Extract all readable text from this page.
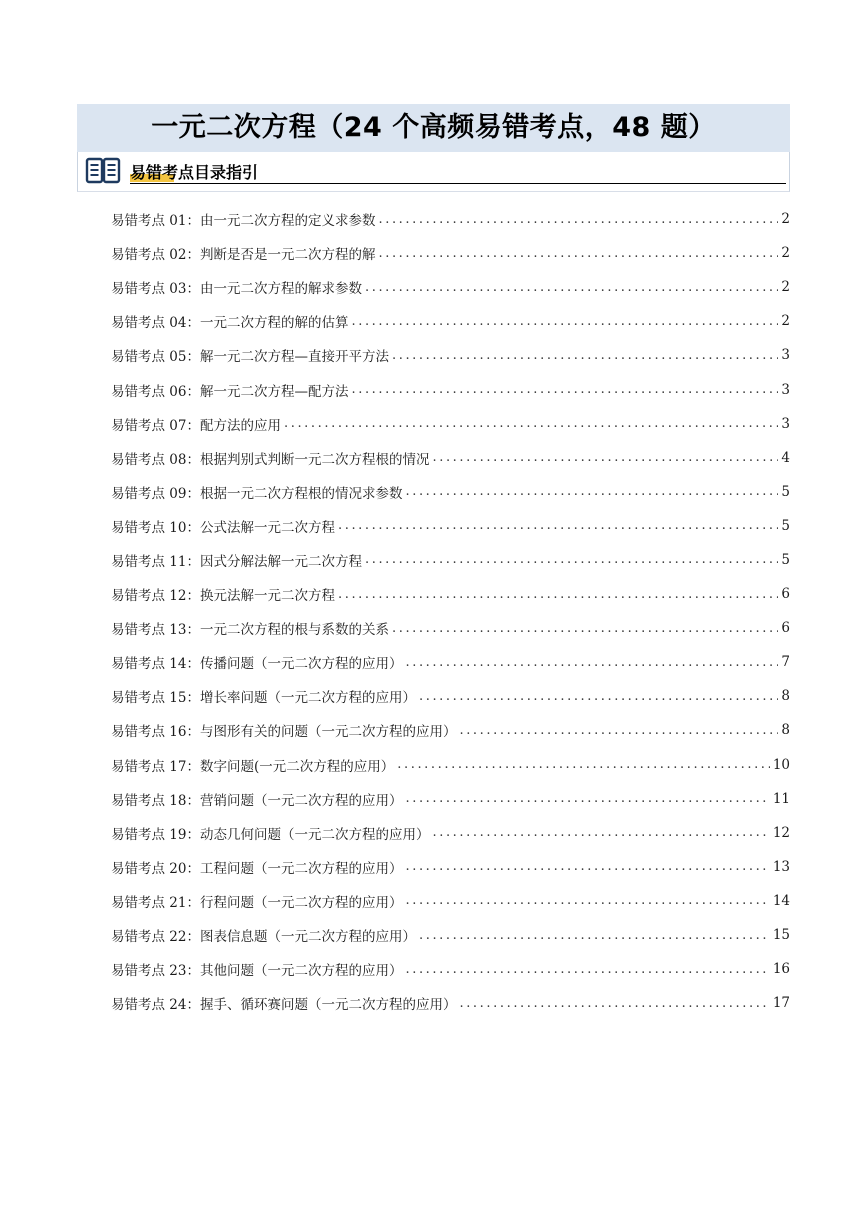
一元二次方程（24 个高频易错考点，48 题）
易错考点目录指引
易错考点 01：由一元二次方程的定义求参数 .....	2
易错考点 02：判断是否是一元二次方程的解 .....	2
易错考点 03：由一元二次方程的解求参数 .....	2
易错考点 04：一元二次方程的解的估算 .....	2
易错考点 05：解一元二次方程—直接开平方法 .....	3
易错考点 06：解一元二次方程—配方法 .....	3
易错考点 07：配方法的应用 .....	3
易错考点 08：根据判别式判断一元二次方程根的情况 .....	4
易错考点 09：根据一元二次方程根的情况求参数 .....	5
易错考点 10：公式法解一元二次方程 .....	5
易错考点 11：因式分解法解一元二次方程 .....	5
易错考点 12：换元法解一元二次方程 .....	6
易错考点 13：一元二次方程的根与系数的关系 .....	6
易错考点 14：传播问题（一元二次方程的应用） .....	7
易错考点 15：增长率问题（一元二次方程的应用） .....	8
易错考点 16：与图形有关的问题（一元二次方程的应用） .....	8
易错考点 17：数字问题(一元二次方程的应用） .....	10
易错考点 18：营销问题（一元二次方程的应用） .....	11
易错考点 19：动态几何问题（一元二次方程的应用） .....	12
易错考点 20：工程问题（一元二次方程的应用） .....	13
易错考点 21：行程问题（一元二次方程的应用） .....	14
易错考点 22：图表信息题（一元二次方程的应用） .....	15
易错考点 23：其他问题（一元二次方程的应用） .....	16
易错考点 24：握手、循环赛问题（一元二次方程的应用） .....	17
